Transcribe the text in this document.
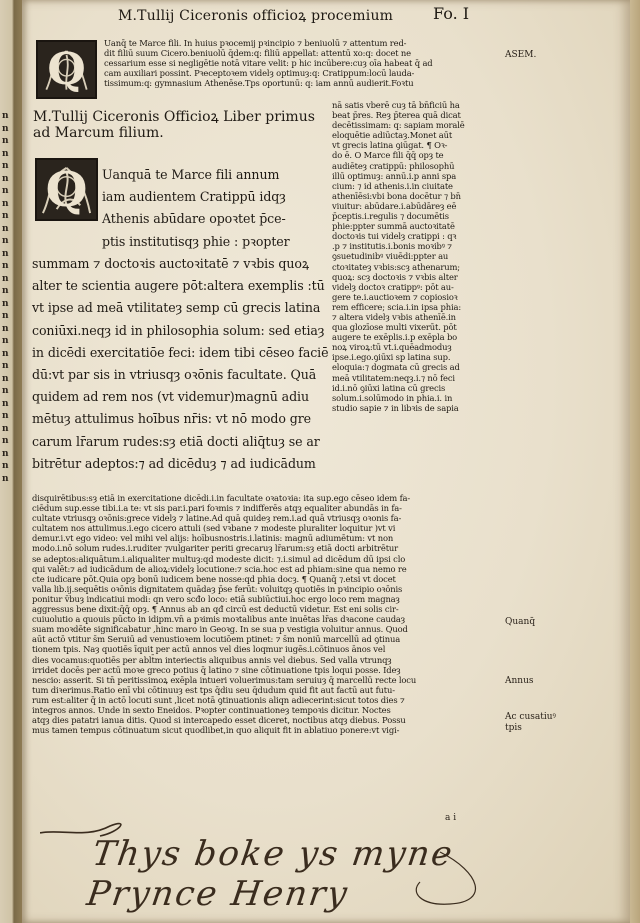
nnnnnnnnnnnnnnnnnnnnnnnnnnnnnn
M.Tullij Ciceronis officioꝝ procemium Fo. I
Q
Uanq̄ te Marce fili. In huius pꝛocemij pꝛincipio ⁊ beniuolū ⁊ attentum red-
dit filiū suum Cicero.beniuolū q̄dem:q: filiū appellat: attentū xo:q: docet ne
cessarium esse si negligētie notā vitare velit: p hic incūbere:cuȝ oīa habeat q̄ ad
cam auxiliari possint. Pꝛeceptoꝛem videlȝ optimuȝ:q: Cratippum:locū lauda-
tissimum:q: gymnasium Athenēse.Tps oportunū: q: iam annū audierit.Foꝛtu
M.Tullij Ciceronis Officioꝝ Liber primus
ad Marcum filium.
Q Uanquā te Marce fili annum
iam audientem Cratippū idqȝ
Athenis abūdare opoꝛtet p̄ce-
ptis institutisqȝ phie : pꝛopter
summam ⁊ doctoꝛis auctoꝛitatē ⁊ vꝛbis quoꝝ
alter te scientia augere pōt:altera exemplis :tū
vt ipse ad meā vtilitateȝ semp cū grecis latina
coniūxi.neqȝ id in philosophia solum: sed etiaȝ
in dicēdi exercitatiōe feci: idem tibi cēseo faciē
dū:vt par sis in vtriusqȝ oꝛōnis facultate. Quā
quidem ad rem nos (vt videmur)magnū adiu
mētuȝ attulimus hoībus nr̄is: vt nō modo gre
carum lr̄arum rudes:sȝ etiā docti aliq̄tuȝ se ar
bitrētur adeptos:⁊ ad dicēduȝ ⁊ ad iudicādum
nā satis vberē cuȝ tā bn̄ficiū ha
beat p̄res. Reȝ p̄terea quā dicat
decētissimam: q: sapiam moralē
eloquētie adiūctaȝ.Monet aūt
vt grecis latina ꝯiūgat. ¶ Oꝛ-
do ē. O Marce fili q̄q̄ opȝ te
audiēteȝ cratippū: philosophū
illū optimuȝ: annū.i.p anni spa
cium: ⁊ id athenis.i.in ciuitate
athenīēsi:vbi bona docētur ⁊ bn̄
viuitur: abūdare.i.abūdāreȝ eē
p̄ceptis.i.regulis ⁊ documētis
phie:ppter summā auctoꝛitatē
doctoꝛis tui videlȝ cratippi : qꝛ
.p ⁊ institutis.i.bonis moꝛibꝰ ⁊
ꝯsuetudinibꝰ viuēdi:ppter au
ctoꝛitateȝ vꝛbis:scȝ athenarum;
quoꝝ: scȝ doctoꝛis ⁊ vꝛbis alter
videlȝ doctoꝛ cratippꝰ: pōt au-
gere te.i.auctioꝛem ⁊ copiosioꝛ
rem efficere; scia.i.in ipsa phia:
⁊ altera videlȝ vꝛbis athenīē.in
qua glozīose multi vixerūt. pōt
augere te exēplis.i.p exēpla bo
noꝝ viroꝝ:tū vt.i.quēadmoduȝ
ipse.i.ego.ꝯiūxi sp latina sup.
eloquia:⁊ dogmata cū grecis ad
meā vtilitatem:neqȝ.i.⁊ nō feci
id.i.nō ꝯiūxi latina cū grecis
solum.i.solūmodo in phia.i. in
studio sapie ⁊ in libꝛis de sapia
disquirētibus:sȝ etiā in exercitatione dicēdi.i.in facultate oꝛatoꝛia: ita sup.ego cēseo idem fa-
ciēdum sup.esse tibi.i.a te: vt sis par.i.pari foꝛmis ⁊ indifferēs atqȝ equaliter abundās in fa-
cultate vtriusqȝ oꝛōnis:grece videlȝ ⁊ latine.Ad quā quideȝ rem.i.ad quā vtriusqȝ oꝛonis fa-
cultatem nos attulimus.i.ego cicero attuli (sed vꝛbane ⁊ modeste pluraliter loquitur )vt vi
demur.i.vt ego video: vel mihi vel alijs: hoībusnostris.i.latinis: magnū adiumētum: vt non
modo.i.nō solum rudes.i.ruditer ⁊vulgariter periti grecaruȝ lr̄arum:sȝ etiā docti arbitrētur
se adeptos:aliquātum.i.aliqualiter multuȝ:qd modeste dicit: ⁊.i.simul ad dicēdum dū ipsi clo
qui valēt:⁊ ad iudicādum de alioꝝ:videlȝ locutione:⁊ scia.hoc est ad phiam:sine qua nemo re
cte iudicare pōt.Quia opȝ bonū iudicem bene nosse:qd phia docȝ. ¶ Quanq̄ ⁊.etsi vt docet
valla lib.ij.sequētis oꝛōnis dignitatem quādaȝ p̄se ferūt: voluitqȝ quotiēs in pꝛincipio oꝛōnis
ponitur v̄buȝ indicatiui modi: qn vero scđo loco: etiā subiūctiui.hoc ergo loco rem magnaȝ
aggressus bene dixit:q̄q̄ opȝ. ¶ Annus ab an qđ circū est deductū videtur. Est eni solis cir-
cuiuolutio a quouis pūcto in idipm.vn̄ a pꝛimis moꝛtalibus ante inuētas lr̄as dꝛacone caudaȝ
suam moꝛdēte significabatur ,hinc maro in Geoꝛg. In se sua p vestigia voluitur annus. Quod
aūt actō vtitur s̄m Seruiū ad venustioꝛem locutiōem ptinet: ⁊ s̄m noniū marcellū ad ꝯtinua
tionem tpis. Naȝ quotiēs īquit per actū annos vel dies loqmur iugēs.i.cōtinuos ānos vel
dies vocamus:quotiēs per ablt̄m interiectis aliquibus annis vel diebus. Sed valla vtrunqȝ
irridet docēs per actū moꝛe greco potius q̄ latino ⁊ sine cōtinuatione tpis loqui posse. Ideȝ
nescio: asserit. Si tn̄ peritissimoꝝ exēpla intueri voluerimus:tam seruiuȝ q̄ marcellū recte locu
tum diꝛerimus.Ratio enī vbi cōtinuuȝ est tps q̄diu seu q̄dudum quid fit aut factū aut futu-
rum est:aliter q̄ in actō locuti sunt ,licet notā ꝯtinuationis aliqn adiecerint:sicut totos dies ⁊
integros annos. Unde in sexto Eneidos. Pꝛopter continuationeȝ tempoꝛis dicitur. Noctes
atqȝ dies patatri ianua ditis. Quod si intercapedo esset diceret, noctibus atqȝ diebus. Possu
mus tamen tempus cōtinuatum sicut quodlibet,in quo aliquit fit in ablatiuo ponere:vt vigi-
ASEM.
Quanq̄
Annus
Ac cusatiuꝰ
tpis
a i
Thys boke ys myne Prynce Henry
